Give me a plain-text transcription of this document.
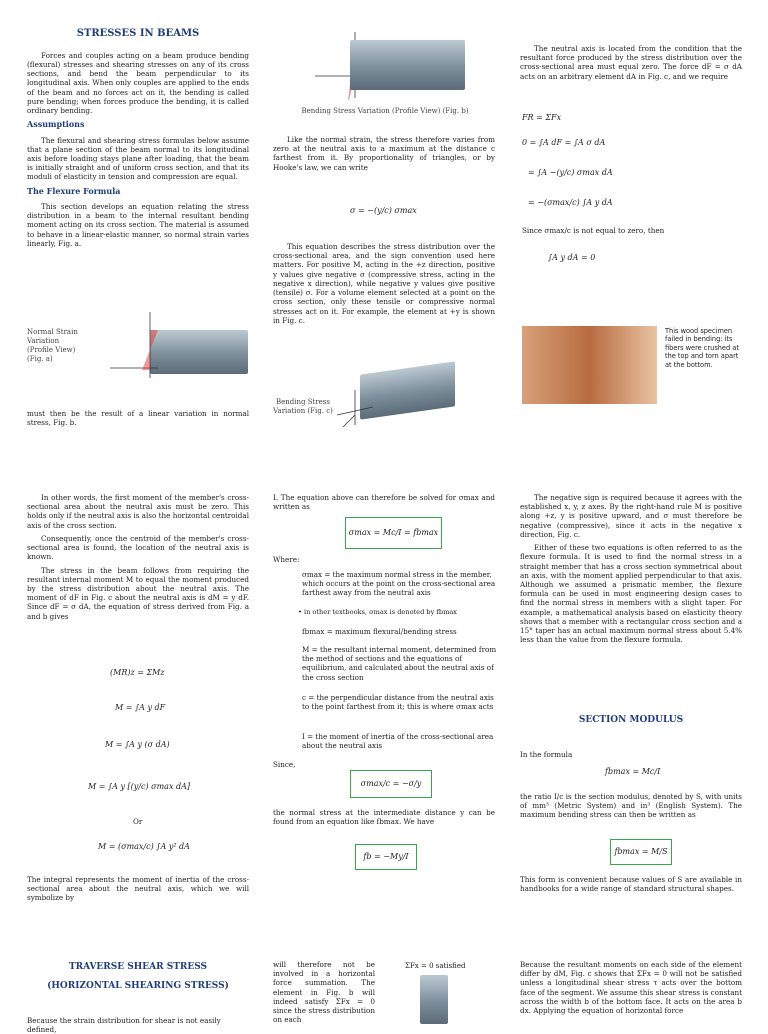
STRESSES IN BEAMS

Forces and couples acting on a beam produce bending (flexural) stresses and shearing stresses on any of its cross sections, and bend the beam perpendicular to its longitudinal axis. When only couples are applied to the ends of the beam and no forces act on it, the bending is called pure bending; when forces produce the bending, it is called ordinary bending.

Assumptions

The flexural and shearing stress formulas below assume that a plane section of the beam normal to its longitudinal axis before loading stays plane after loading, that the beam is initially straight and of uniform cross section, and that its moduli of elasticity in tension and compression are equal.

The Flexure Formula

This section develops an equation relating the stress distribution in a beam to the internal resultant bending moment acting on its cross section. The material is assumed to behave in a linear-elastic manner, so normal strain varies linearly, Fig. a.

Normal Strain Variation (Profile View) (Fig. a)

must then be the result of a linear variation in normal stress, Fig. b.

Bending Stress Variation (Profile View) (Fig. b)

Like the normal strain, the stress therefore varies from zero at the neutral axis to a maximum at the distance c farthest from it. By proportionality of triangles, or by Hooke's law, we can write

σ = −(y/c) σmax

This equation describes the stress distribution over the cross-sectional area, and the sign convention used here matters. For positive M, acting in the +z direction, positive y values give negative σ (compressive stress, acting in the negative x direction), while negative y values give positive (tensile) σ. For a volume element selected at a point on the cross section, only these tensile or compressive normal stresses act on it. For example, the element at +y is shown in Fig. c.

Bending Stress Variation (Fig. c)

The neutral axis is located from the condition that the resultant force produced by the stress distribution over the cross-sectional area must equal zero. The force dF = σ dA acts on an arbitrary element dA in Fig. c, and we require

FR = ΣFx
0 = ∫A dF = ∫A σ dA
= ∫A −(y/c) σmax dA
= −(σmax/c) ∫A y dA
Since σmax/c is not equal to zero, then
∫A y dA = 0
This wood specimen failed in bending: its fibers were crushed at the top and torn apart at the bottom.

In other words, the first moment of the member's cross-sectional area about the neutral axis must be zero. This holds only if the neutral axis is also the horizontal centroidal axis of the cross section.

Consequently, once the centroid of the member's cross-sectional area is found, the location of the neutral axis is known.

The stress in the beam follows from requiring the resultant internal moment M to equal the moment produced by the stress distribution about the neutral axis. The moment of dF in Fig. c about the neutral axis is dM = y dF. Since dF = σ dA, the equation of stress derived from Fig. a and b gives

(MR)z = ΣMz
M = ∫A y dF
M = ∫A y (σ dA)
M = ∫A y [(y/c) σmax dA]
Or
M = (σmax/c) ∫A y² dA

The integral represents the moment of inertia of the cross-sectional area about the neutral axis, which we will symbolize by

I. The equation above can therefore be solved for σmax and written as

σmax = Mc/I = fbmax
Where:
σmax = the maximum normal stress in the member, which occurs at the point on the cross-sectional area farthest away from the neutral axis
• in other textbooks, σmax is denoted by fbmax
fbmax = maximum flexural/bending stress
M = the resultant internal moment, determined from the method of sections and the equations of equilibrium, and calculated about the neutral axis of the cross section
c = the perpendicular distance from the neutral axis to the point farthest from it; this is where σmax acts
I = the moment of inertia of the cross-sectional area about the neutral axis
Since,
σmax/c = −σ/y

the normal stress at the intermediate distance y can be found from an equation like fbmax. We have

fb = −My/I

The negative sign is required because it agrees with the established x, y, z axes. By the right-hand rule M is positive along +z, y is positive upward, and σ must therefore be negative (compressive), since it acts in the negative x direction, Fig. c.

Either of these two equations is often referred to as the flexure formula. It is used to find the normal stress in a straight member that has a cross section symmetrical about an axis, with the moment applied perpendicular to that axis. Although we assumed a prismatic member, the flexure formula can be used in most engineering design cases to find the normal stress in members with a slight taper. For example, a mathematical analysis based on elasticity theory shows that a member with a rectangular cross section and a 15° taper has an actual maximum normal stress about 5.4% less than the value from the flexure formula.

SECTION MODULUS
In the formula
fbmax = Mc/I

the ratio I/c is the section modulus, denoted by S, with units of mm³ (Metric System) and in³ (English System). The maximum bending stress can then be written as

fbmax = M/S

This form is convenient because values of S are available in handbooks for a wide range of standard structural shapes.

TRAVERSE SHEAR STRESS
(HORIZONTAL SHEARING STRESS)
Because the strain distribution for shear is not easily defined,
will therefore not be involved in a horizontal force summation. The element in Fig. b will indeed satisfy ΣFx = 0 since the stress distribution on each
ΣFx = 0 satisfied	Because the resultant moments on each side of the element differ by dM, Fig. c shows that ΣFx = 0 will not be satisfied unless a longitudinal shear stress τ acts over the bottom face of the segment. We assume this shear stress is constant across the width b of the bottom face. It acts on the area b dx. Applying the equation of horizontal force
